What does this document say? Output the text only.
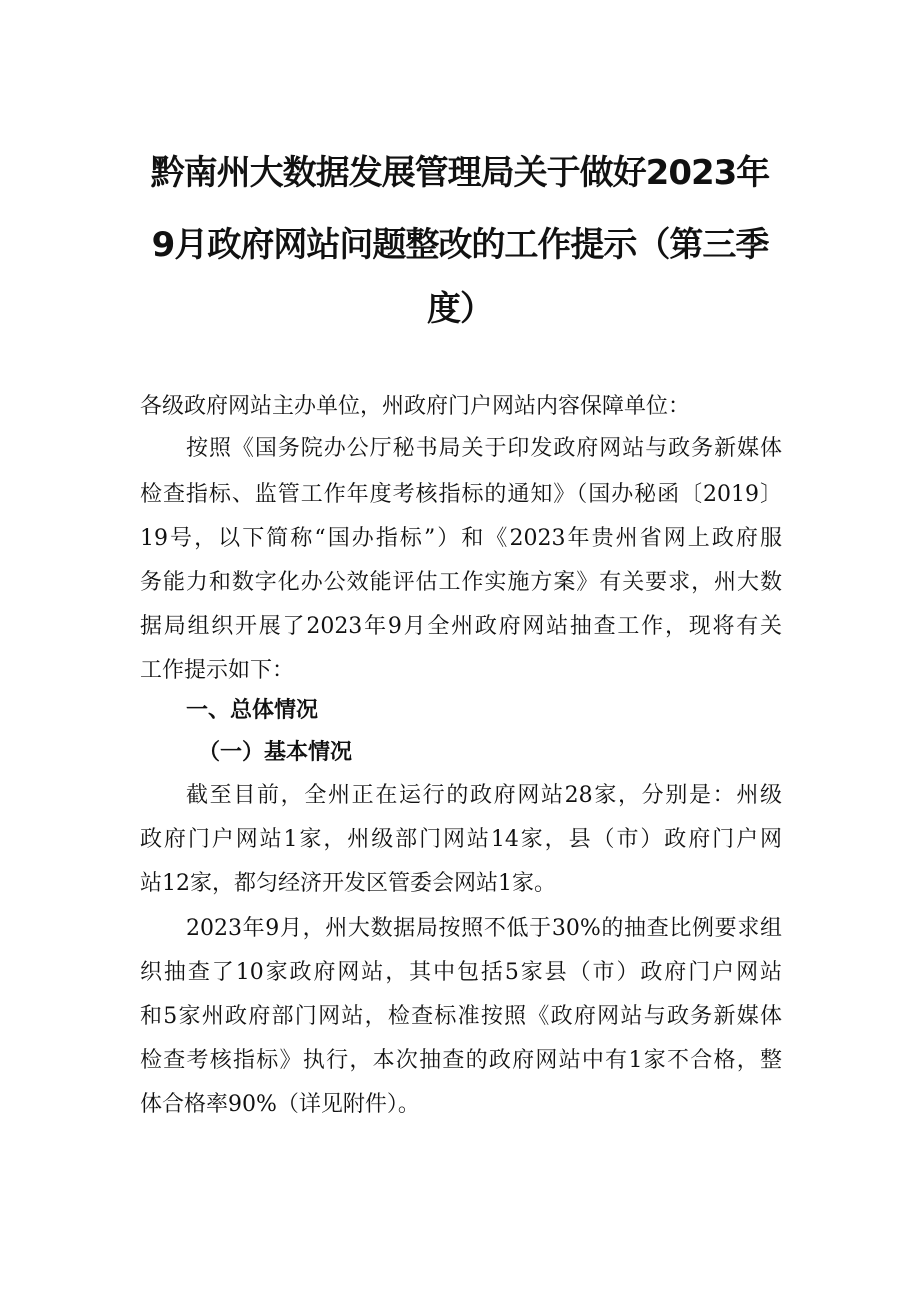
黔南州大数据发展管理局关于做好2023年
9月政府网站问题整改的工作提示（第三季
度）

各级政府网站主办单位，州政府门户网站内容保障单位：

按照《国务院办公厅秘书局关于印发政府网站与政务新媒体

检查指标、监管工作年度考核指标的通知》（国办秘函〔2019〕

19号，以下简称“国办指标”）和《2023年贵州省网上政府服

务能力和数字化办公效能评估工作实施方案》有关要求，州大数

据局组织开展了2023年9月全州政府网站抽查工作，现将有关

工作提示如下：

一、总体情况
（一）基本情况

截至目前，全州正在运行的政府网站28家，分别是：州级

政府门户网站1家，州级部门网站14家，县（市）政府门户网

站12家，都匀经济开发区管委会网站1家。

2023年9月，州大数据局按照不低于30%的抽查比例要求组

织抽查了10家政府网站，其中包括5家县（市）政府门户网站

和5家州政府部门网站，检查标准按照《政府网站与政务新媒体

检查考核指标》执行，本次抽查的政府网站中有1家不合格，整

体合格率90%（详见附件）。
